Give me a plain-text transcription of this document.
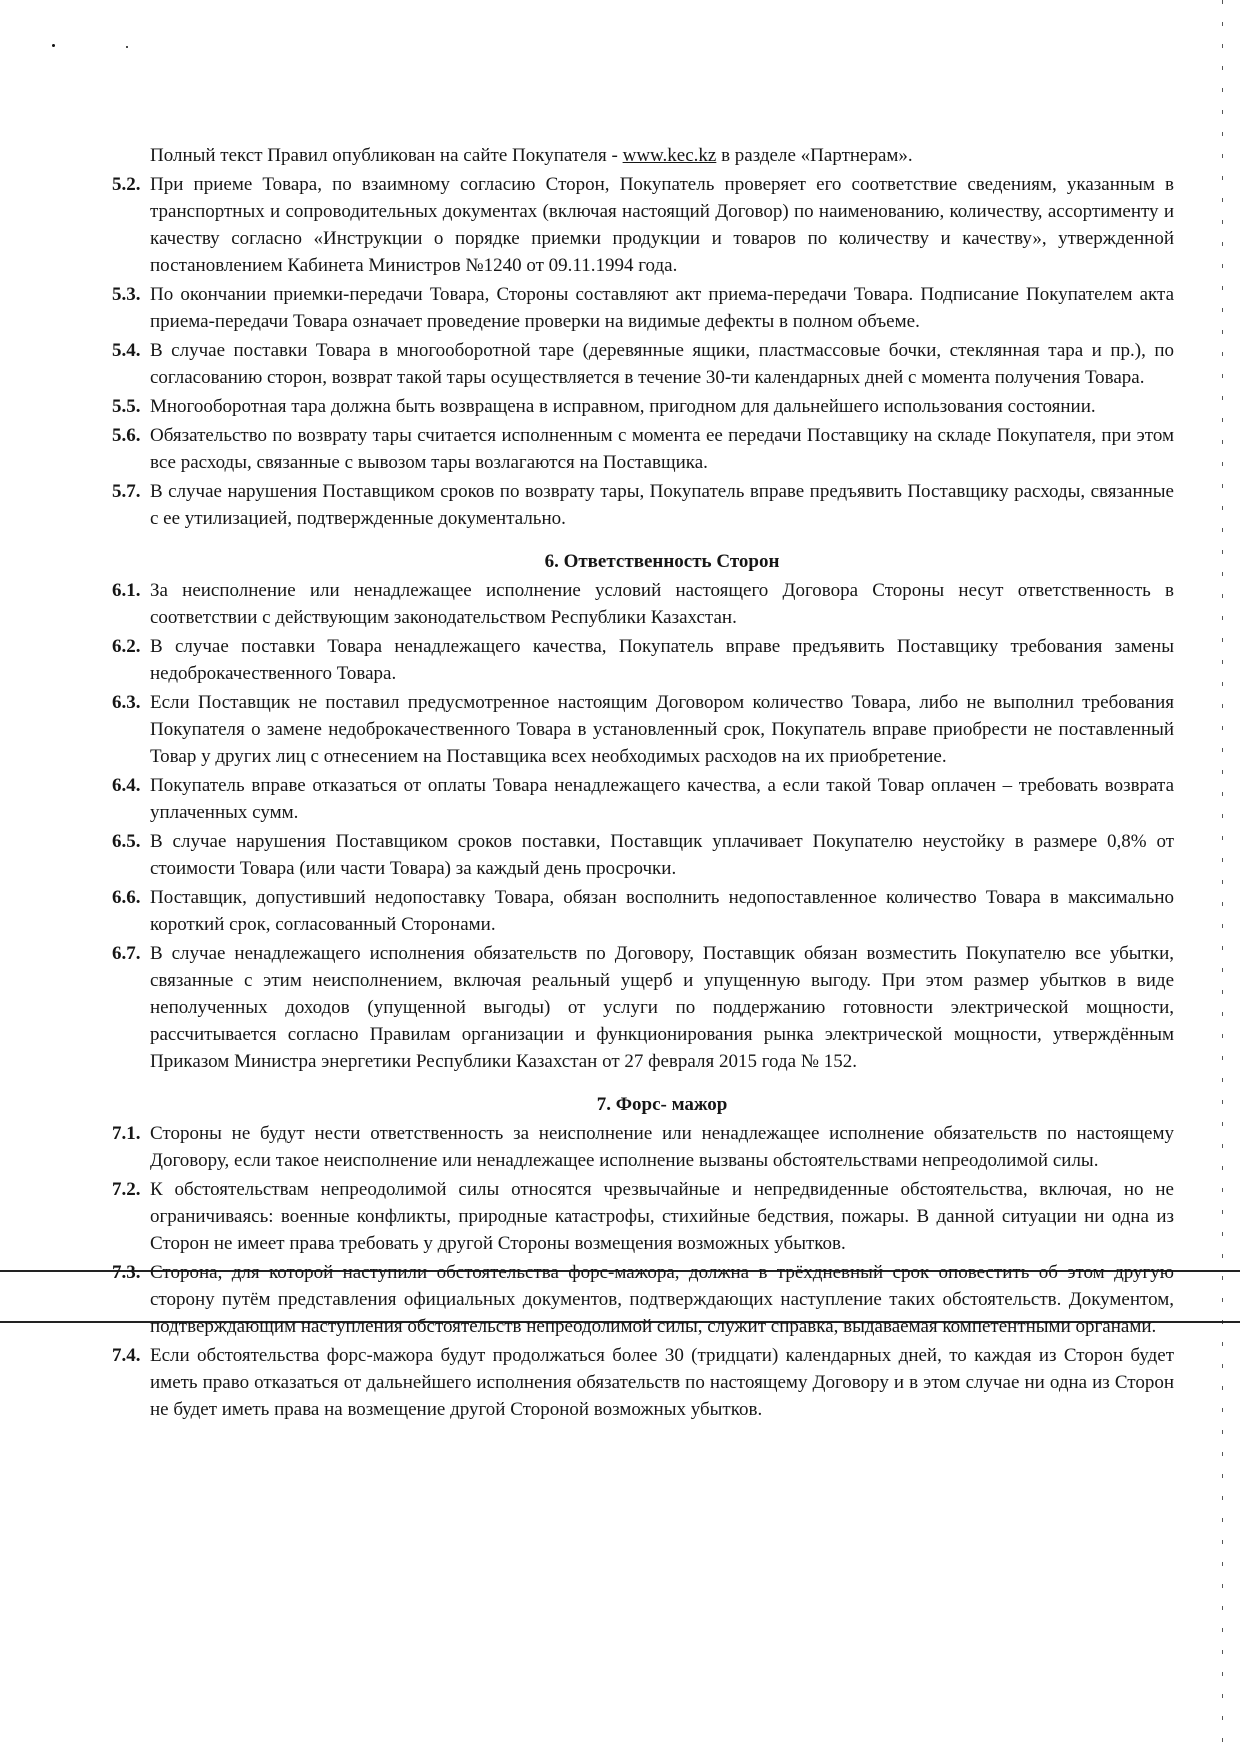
Полный текст Правил опубликован на сайте Покупателя - www.kec.kz в разделе «Партнерам».
5.2. При приеме Товара, по взаимному согласию Сторон, Покупатель проверяет его соответствие сведениям, указанным в транспортных и сопроводительных документах (включая настоящий Договор) по наименованию, количеству, ассортименту и качеству согласно «Инструкции о порядке приемки продукции и товаров по количеству и качеству», утвержденной постановлением Кабинета Министров №1240 от 09.11.1994 года.
5.3. По окончании приемки-передачи Товара, Стороны составляют акт приема-передачи Товара. Подписание Покупателем акта приема-передачи Товара означает проведение проверки на видимые дефекты в полном объеме.
5.4. В случае поставки Товара в многооборотной таре (деревянные ящики, пластмассовые бочки, стеклянная тара и пр.), по согласованию сторон, возврат такой тары осуществляется в течение 30-ти календарных дней с момента получения Товара.
5.5. Многооборотная тара должна быть возвращена в исправном, пригодном для дальнейшего использования состоянии.
5.6. Обязательство по возврату тары считается исполненным с момента ее передачи Поставщику на складе Покупателя, при этом все расходы, связанные с вывозом тары возлагаются на Поставщика.
5.7. В случае нарушения Поставщиком сроков по возврату тары, Покупатель вправе предъявить Поставщику расходы, связанные с ее утилизацией, подтвержденные документально.
6. Ответственность Сторон
6.1. За неисполнение или ненадлежащее исполнение условий настоящего Договора Стороны несут ответственность в соответствии с действующим законодательством Республики Казахстан.
6.2. В случае поставки Товара ненадлежащего качества, Покупатель вправе предъявить Поставщику требования замены недоброкачественного Товара.
6.3. Если Поставщик не поставил предусмотренное настоящим Договором количество Товара, либо не выполнил требования Покупателя о замене недоброкачественного Товара в установленный срок, Покупатель вправе приобрести не поставленный Товар у других лиц с отнесением на Поставщика всех необходимых расходов на их приобретение.
6.4. Покупатель вправе отказаться от оплаты Товара ненадлежащего качества, а если такой Товар оплачен – требовать возврата уплаченных сумм.
6.5. В случае нарушения Поставщиком сроков поставки, Поставщик уплачивает Покупателю неустойку в размере 0,8% от стоимости Товара (или части Товара) за каждый день просрочки.
6.6. Поставщик, допустивший недопоставку Товара, обязан восполнить недопоставленное количество Товара в максимально короткий срок, согласованный Сторонами.
6.7. В случае ненадлежащего исполнения обязательств по Договору, Поставщик обязан возместить Покупателю все убытки, связанные с этим неисполнением, включая реальный ущерб и упущенную выгоду. При этом размер убытков в виде неполученных доходов (упущенной выгоды) от услуги по поддержанию готовности электрической мощности, рассчитывается согласно Правилам организации и функционирования рынка электрической мощности, утверждённым Приказом Министра энергетики Республики Казахстан от 27 февраля 2015 года № 152.
7. Форс- мажор
7.1. Стороны не будут нести ответственность за неисполнение или ненадлежащее исполнение обязательств по настоящему Договору, если такое неисполнение или ненадлежащее исполнение вызваны обстоятельствами непреодолимой силы.
7.2. К обстоятельствам непреодолимой силы относятся чрезвычайные и непредвиденные обстоятельства, включая, но не ограничиваясь: военные конфликты, природные катастрофы, стихийные бедствия, пожары. В данной ситуации ни одна из Сторон не имеет права требовать у другой Стороны возмещения возможных убытков.
7.3. Сторона, для которой наступили обстоятельства форс-мажора, должна в трёхдневный срок оповестить об этом другую сторону путём представления официальных документов, подтверждающих наступление таких обстоятельств. Документом, подтверждающим наступления обстоятельств непреодолимой силы, служит справка, выдаваемая компетентными органами.
7.4. Если обстоятельства форс-мажора будут продолжаться более 30 (тридцати) календарных дней, то каждая из Сторон будет иметь право отказаться от дальнейшего исполнения обязательств по настоящему Договору и в этом случае ни одна из Сторон не будет иметь права на возмещение другой Стороной возможных убытков.
